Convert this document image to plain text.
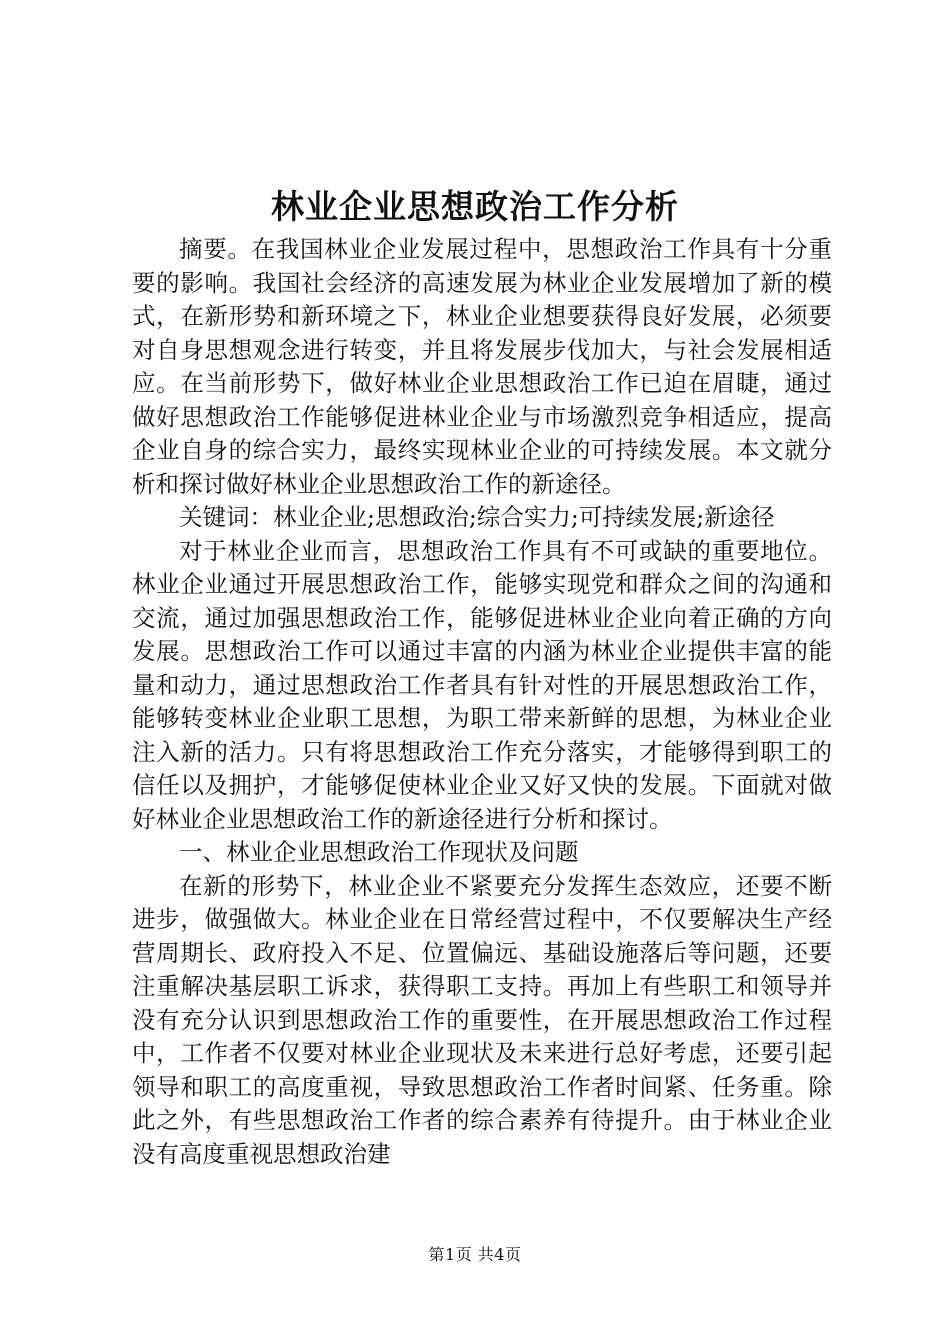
林业企业思想政治工作分析

摘要。在我国林业企业发展过程中，思想政治工作具有十分重要的影响。我国社会经济的高速发展为林业企业发展增加了新的模式，在新形势和新环境之下，林业企业想要获得良好发展，必须要对自身思想观念进行转变，并且将发展步伐加大，与社会发展相适应。在当前形势下，做好林业企业思想政治工作已迫在眉睫，通过做好思想政治工作能够促进林业企业与市场激烈竞争相适应，提高企业自身的综合实力，最终实现林业企业的可持续发展。本文就分析和探讨做好林业企业思想政治工作的新途径。

关键词：林业企业;思想政治;综合实力;可持续发展;新途径

对于林业企业而言，思想政治工作具有不可或缺的重要地位。林业企业通过开展思想政治工作，能够实现党和群众之间的沟通和交流，通过加强思想政治工作，能够促进林业企业向着正确的方向发展。思想政治工作可以通过丰富的内涵为林业企业提供丰富的能量和动力，通过思想政治工作者具有针对性的开展思想政治工作，能够转变林业企业职工思想，为职工带来新鲜的思想，为林业企业注入新的活力。只有将思想政治工作充分落实，才能够得到职工的信任以及拥护，才能够促使林业企业又好又快的发展。下面就对做好林业企业思想政治工作的新途径进行分析和探讨。

一、林业企业思想政治工作现状及问题

在新的形势下，林业企业不紧要充分发挥生态效应，还要不断进步，做强做大。林业企业在日常经营过程中，不仅要解决生产经营周期长、政府投入不足、位置偏远、基础设施落后等问题，还要注重解决基层职工诉求，获得职工支持。再加上有些职工和领导并没有充分认识到思想政治工作的重要性，在开展思想政治工作过程中，工作者不仅要对林业企业现状及未来进行总好考虑，还要引起领导和职工的高度重视，导致思想政治工作者时间紧、任务重。除此之外，有些思想政治工作者的综合素养有待提升。由于林业企业没有高度重视思想政治建

第1页 共4页
